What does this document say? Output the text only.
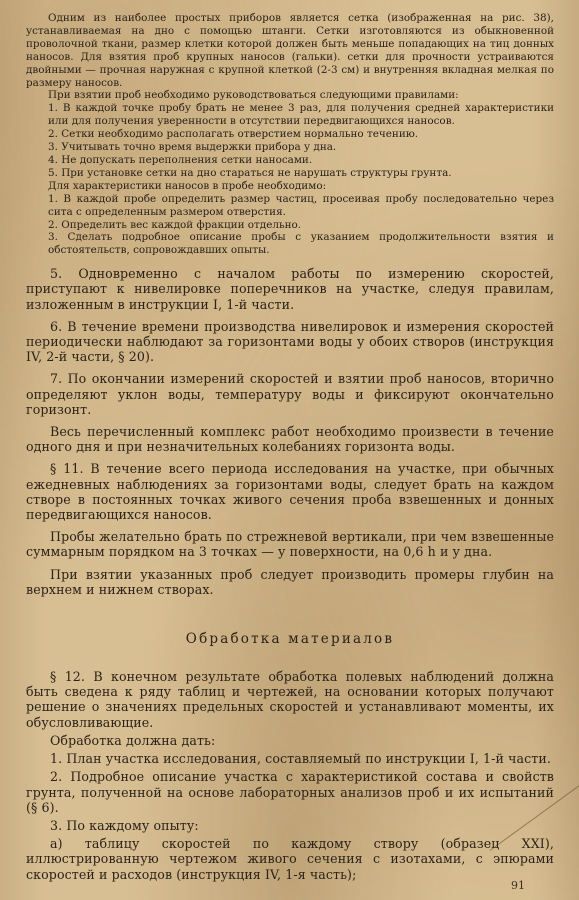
Одним из наиболее простых приборов является сетка (изображенная на рис. 38), устанавливаемая на дно с помощью штанги. Сетки изготовляются из обыкновенной проволочной ткани, размер клетки которой должен быть меньше попадающих на тиц донных наносов. Для взятия проб крупных наносов (гальки). сетки для прочности устраиваются двойными — прочная наружная с крупной клеткой (2-3 см) и внутренняя вкладная мелкая по размеру наносов.

При взятии проб необходимо руководствоваться следующими правилами:

1. В каждой точке пробу брать не менее 3 раз, для получения средней характеристики или для получения уверенности в отсутствии передвигающихся наносов.

2. Сетки необходимо располагать отверстием нормально течению.

3. Учитывать точно время выдержки прибора у дна.

4. Не допускать переполнения сетки наносами.

5. При установке сетки на дно стараться не нарушать структуры грунта.

Для характеристики наносов в пробе необходимо:

1. В каждой пробе определить размер частиц, просеивая пробу последовательно через сита с определенным размером отверстия.

2. Определить вес каждой фракции отдельно.

3. Сделать подробное описание пробы с указанием продолжительности взятия и обстоятельств, сопровождавших опыты.

5. Одновременно с началом работы по измерению скоростей, приступают к нивелировке поперечников на участке, следуя правилам, изложенным в инструкции I, 1-й части.

6. В течение времени производства нивелировок и измерения скоростей периодически наблюдают за горизонтами воды у обоих створов (инструкция IV, 2-й части, § 20).

7. По окончании измерений скоростей и взятии проб наносов, вторично определяют уклон воды, температуру воды и фиксируют окончательно горизонт.

Весь перечисленный комплекс работ необходимо произвести в течение одного дня и при незначительных колебаниях горизонта воды.

§ 11. В течение всего периода исследования на участке, при обычных ежедневных наблюдениях за горизонтами воды, следует брать на каждом створе в постоянных точках живого сечения проба взвешенных и донных передвигающихся наносов.

Пробы желательно брать по стрежневой вертикали, при чем взвешенные суммарным порядком на 3 точках — у поверхности, на 0,6 h и у дна.

При взятии указанных проб следует производить промеры глубин на верхнем и нижнем створах.

Обработка материалов

§ 12. В конечном результате обработка полевых наблюдений должна быть сведена к ряду таблиц и чертежей, на основании которых получают решение о значениях предельных скоростей и устанавливают моменты, их обусловливающие.

Обработка должна дать:

1. План участка исследования, составляемый по инструкции I, 1-й части.

2. Подробное описание участка с характеристикой состава и свойств грунта, полученной на основе лабораторных анализов проб и их испытаний (§ 6).

3. По каждому опыту:

а) таблицу скоростей по каждому створу (образец XXI), иллюстрированную чертежом живого сечения с изотахами, с эпюрами скоростей и расходов (инструкция IV, 1-я часть);

91
